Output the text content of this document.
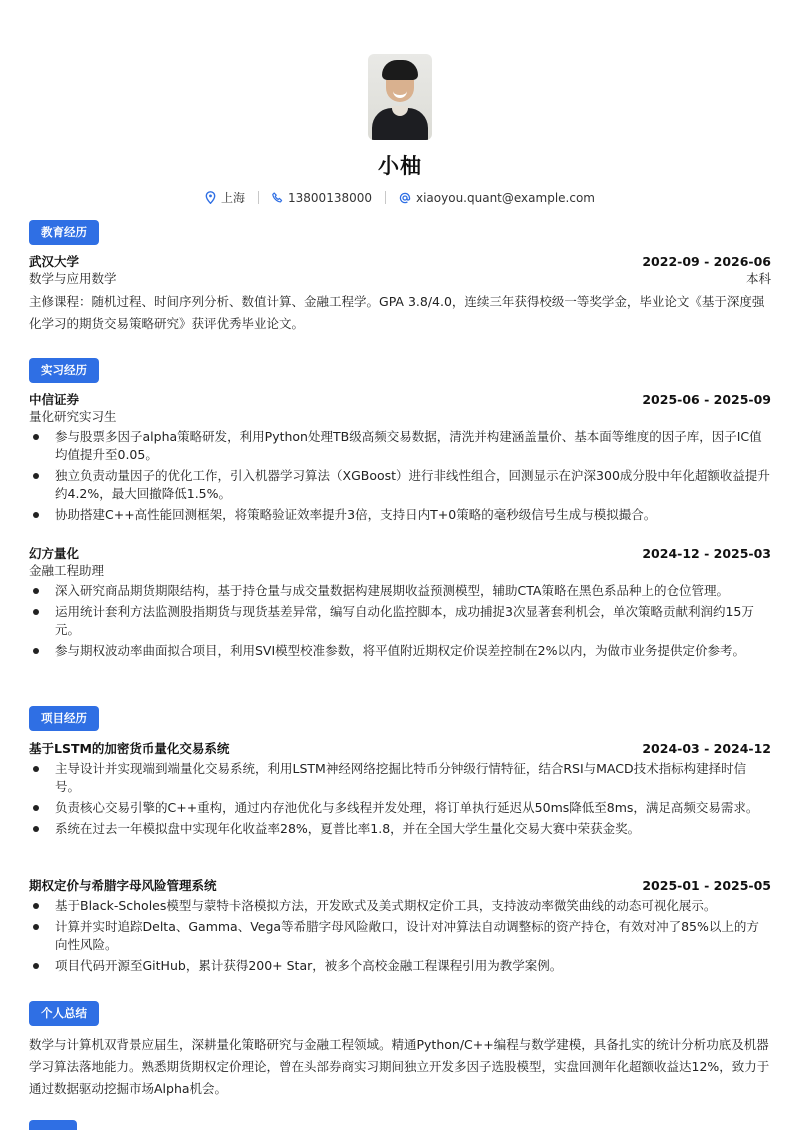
小柚
上海	13800138000	xiaoyou.quant@example.com
教育经历
武汉大学	2022-09 - 2026-06
数学与应用数学	本科

主修课程：随机过程、时间序列分析、数值计算、金融工程学。GPA 3.8/4.0，连续三年获得校级一等奖学金，毕业论文《基于深度强化学习的期货交易策略研究》获评优秀毕业论文。

实习经历
中信证券	2025-06 - 2025-09
量化研究实习生
参与股票多因子alpha策略研发，利用Python处理TB级高频交易数据，清洗并构建涵盖量价、基本面等维度的因子库，因子IC值均值提升至0.05。
独立负责动量因子的优化工作，引入机器学习算法（XGBoost）进行非线性组合，回测显示在沪深300成分股中年化超额收益提升约4.2%，最大回撤降低1.5%。
协助搭建C++高性能回测框架，将策略验证效率提升3倍，支持日内T+0策略的毫秒级信号生成与模拟撮合。
幻方量化	2024-12 - 2025-03
金融工程助理
深入研究商品期货期限结构，基于持仓量与成交量数据构建展期收益预测模型，辅助CTA策略在黑色系品种上的仓位管理。
运用统计套利方法监测股指期货与现货基差异常，编写自动化监控脚本，成功捕捉3次显著套利机会，单次策略贡献利润约15万元。
参与期权波动率曲面拟合项目，利用SVI模型校准参数，将平值附近期权定价误差控制在2%以内，为做市业务提供定价参考。
项目经历
基于LSTM的加密货币量化交易系统	2024-03 - 2024-12
主导设计并实现端到端量化交易系统，利用LSTM神经网络挖掘比特币分钟级行情特征，结合RSI与MACD技术指标构建择时信号。
负责核心交易引擎的C++重构，通过内存池优化与多线程并发处理，将订单执行延迟从50ms降低至8ms，满足高频交易需求。
系统在过去一年模拟盘中实现年化收益率28%，夏普比率1.8，并在全国大学生量化交易大赛中荣获金奖。
期权定价与希腊字母风险管理系统	2025-01 - 2025-05
基于Black-Scholes模型与蒙特卡洛模拟方法，开发欧式及美式期权定价工具，支持波动率微笑曲线的动态可视化展示。
计算并实时追踪Delta、Gamma、Vega等希腊字母风险敞口，设计对冲算法自动调整标的资产持仓，有效对冲了85%以上的方向性风险。
项目代码开源至GitHub，累计获得200+ Star，被多个高校金融工程课程引用为教学案例。
个人总结

数学与计算机双背景应届生，深耕量化策略研究与金融工程领域。精通Python/C++编程与数学建模，具备扎实的统计分析功底及机器学习算法落地能力。熟悉期货期权定价理论，曾在头部券商实习期间独立开发多因子选股模型，实盘回测年化超额收益达12%，致力于通过数据驱动挖掘市场Alpha机会。
